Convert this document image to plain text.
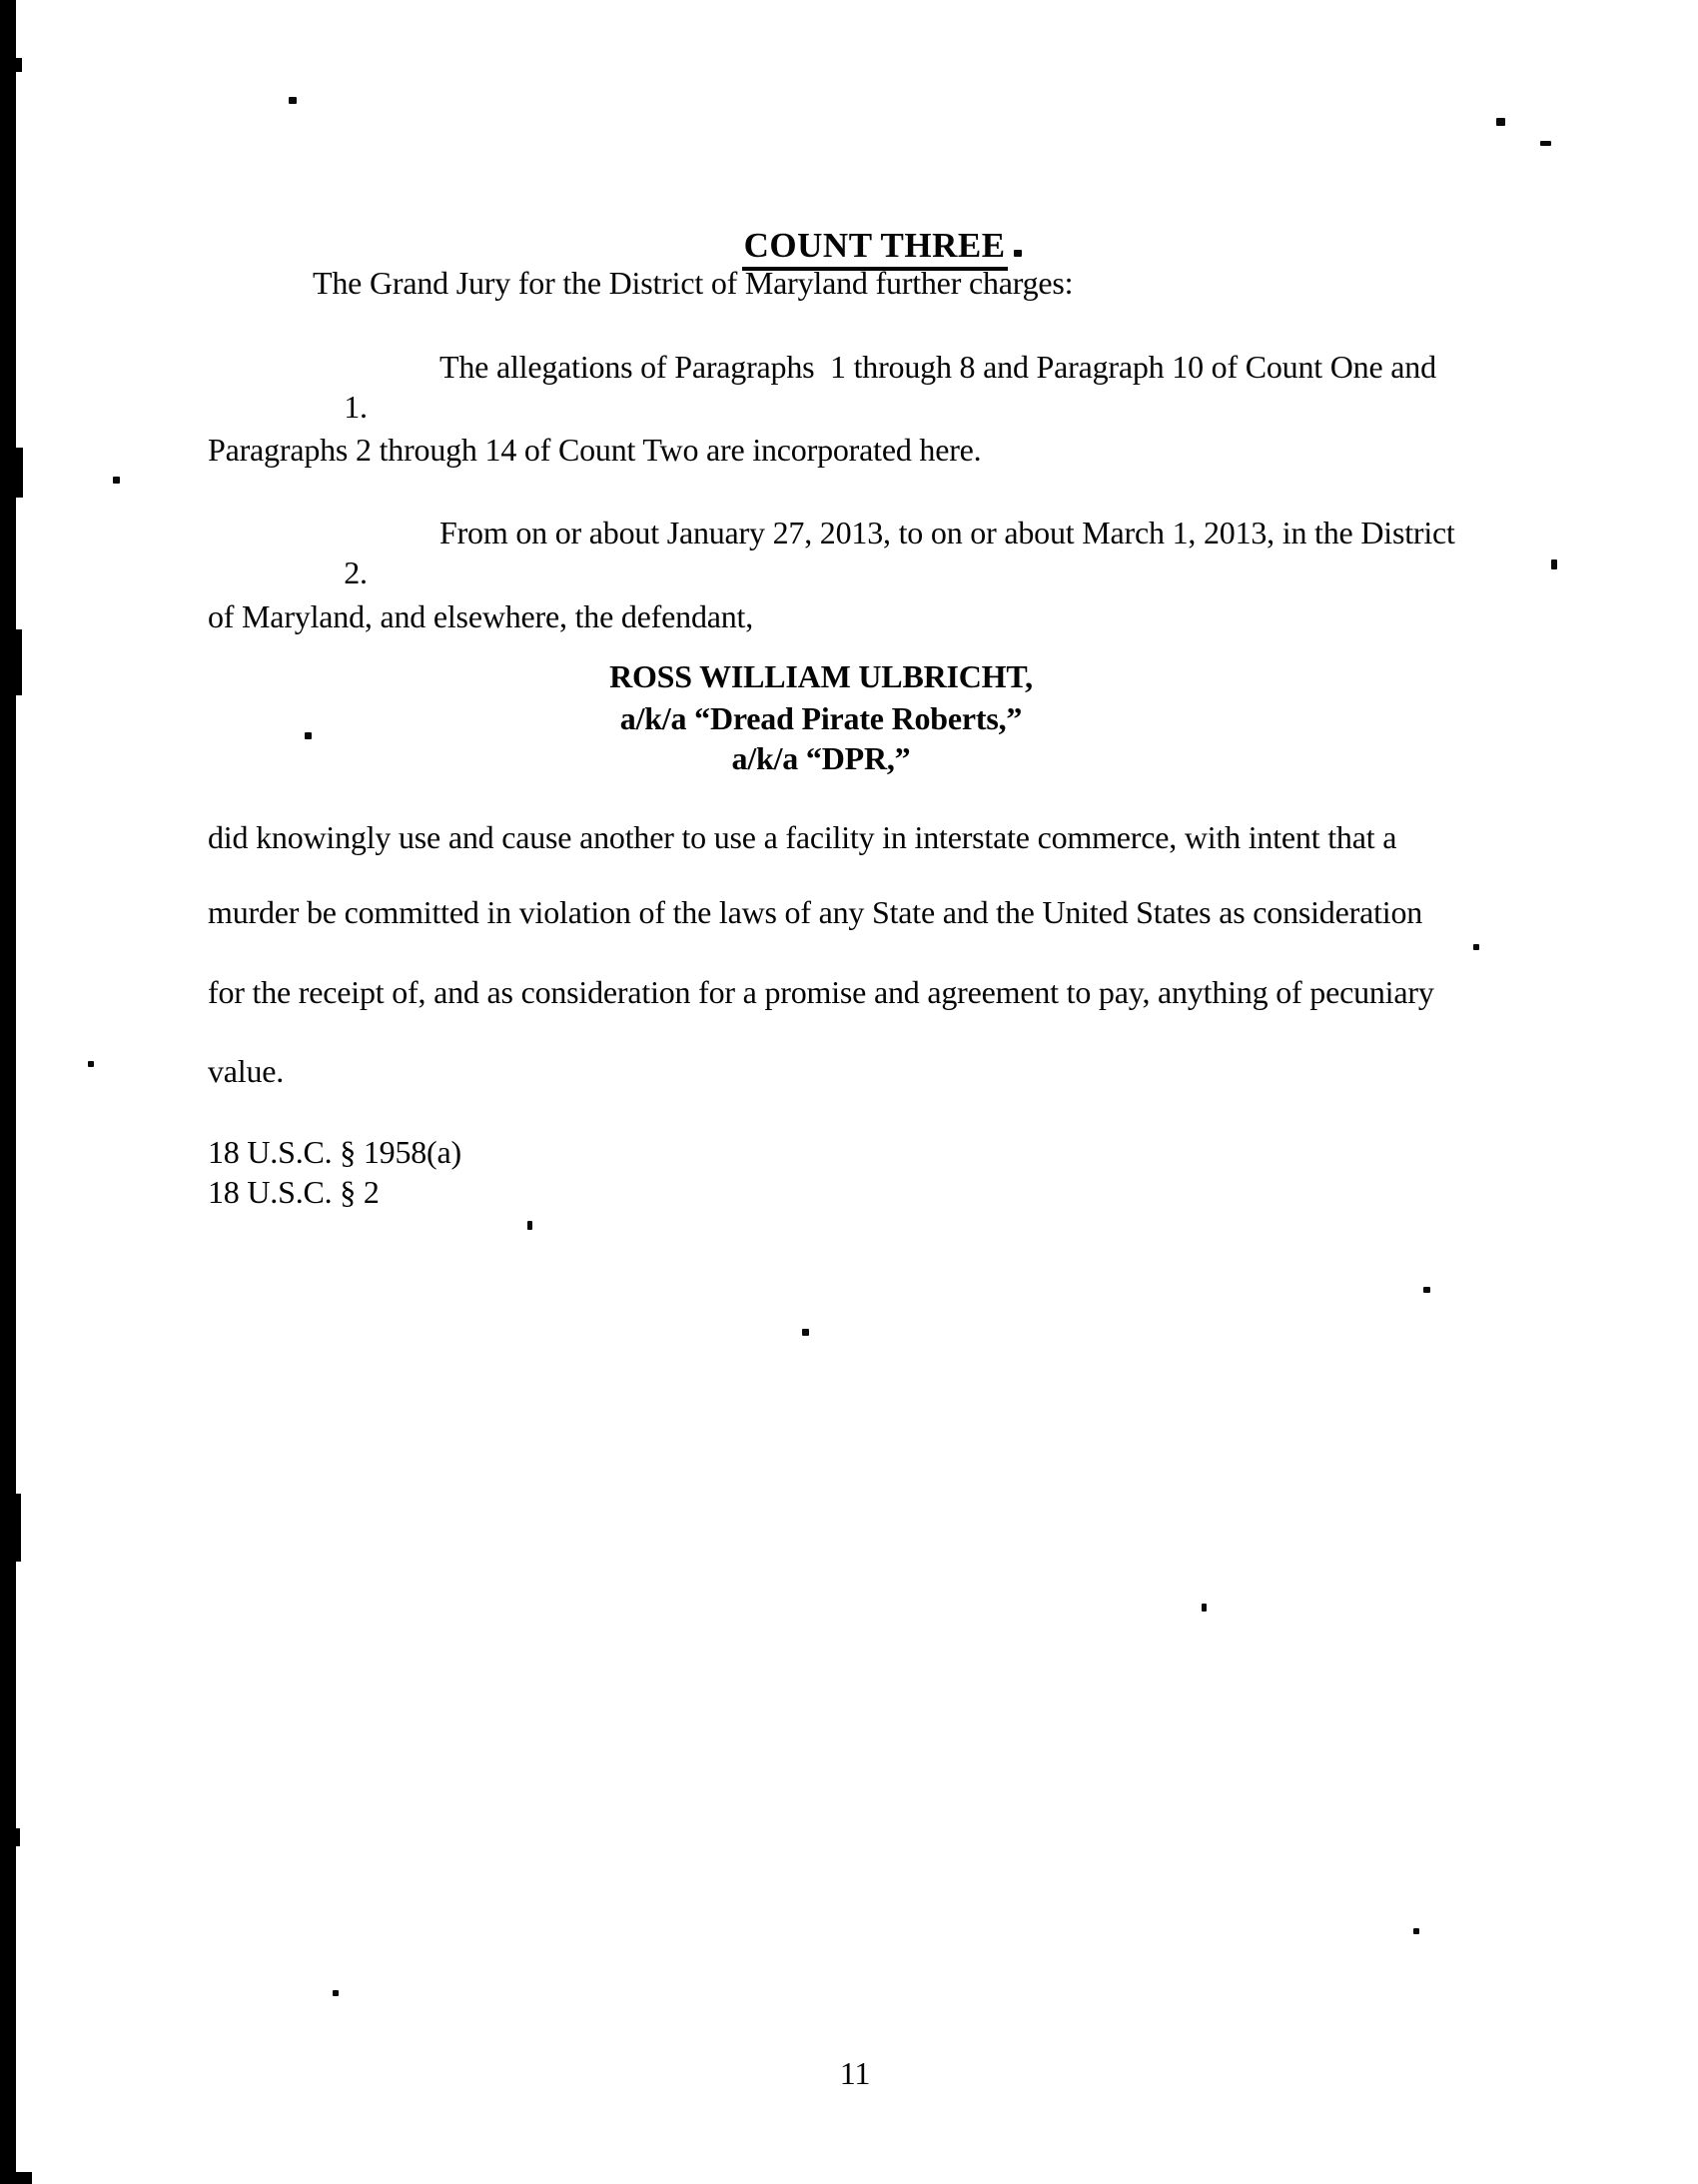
COUNT THREE

The Grand Jury for the District of Maryland further charges:

1.

The allegations of Paragraphs  1 through 8 and Paragraph 10 of Count One and

Paragraphs 2 through 14 of Count Two are incorporated here.

2.

From on or about January 27, 2013, to on or about March 1, 2013, in the District

of Maryland, and elsewhere, the defendant,
ROSS WILLIAM ULBRICHT,
a/k/a “Dread Pirate Roberts,”
a/k/a “DPR,”
did knowingly use and cause another to use a facility in interstate commerce, with intent that a
murder be committed in violation of the laws of any State and the United States as consideration
for the receipt of, and as consideration for a promise and agreement to pay, anything of pecuniary
value.
18 U.S.C. § 1958(a)
18 U.S.C. § 2
11
